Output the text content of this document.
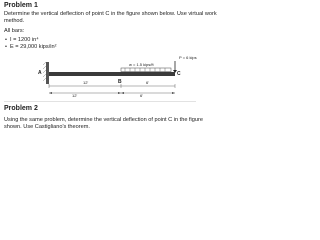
Problem 1
Determine the vertical deflection of point C in the figure shown below. Use virtual work
method.
All bars:
• I = 1200 in⁴
• E = 29,000 kips/in²
P = 6 kips
w = 1.5 kips/ft
A	C
B
12'	6'
12'	6'
Problem 2
Using the same problem, determine the vertical deflection of point C in the figure
shown. Use Castigliano's theorem.
